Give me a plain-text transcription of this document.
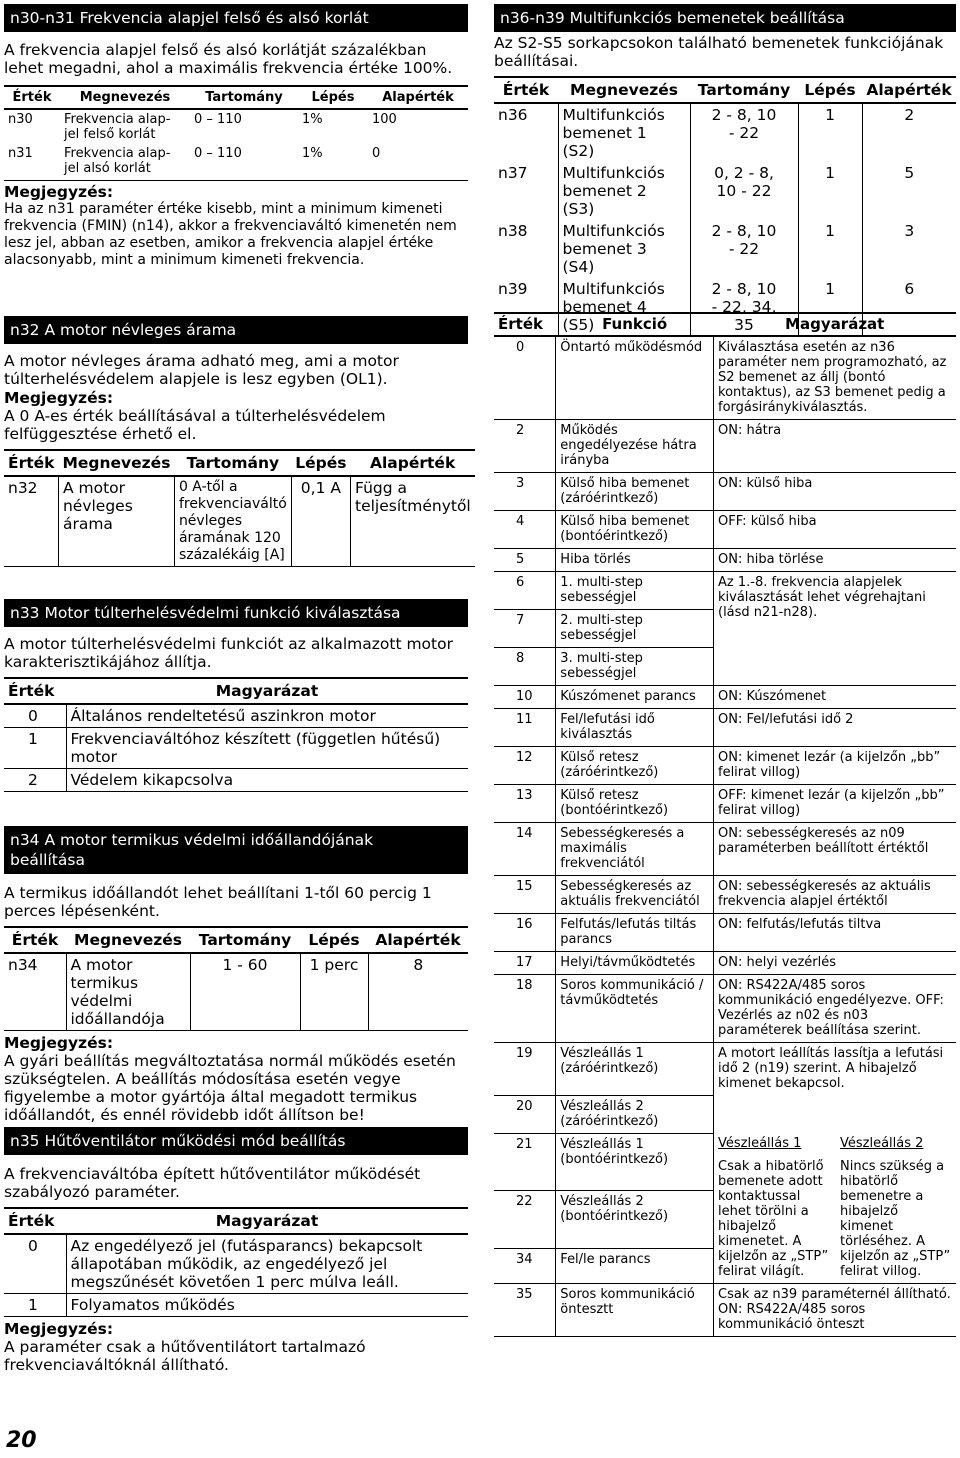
n30-n31 Frekvencia alapjel felső és alsó korlát
A frekvencia alapjel felső és alsó korlátját százalékban lehet megadni, ahol a maximális frekvencia értéke 100%.
Érték	Megnevezés	Tartomány	Lépés	Alapérték
n30	Frekvencia alap- jel felső korlát	0 – 110	1%	100
n31	Frekvencia alap- jel alsó korlát	0 – 110	1%	0
Megjegyzés:
Ha az n31 paraméter értéke kisebb, mint a minimum kimeneti frekvencia (FMIN) (n14), akkor a frekvenciaváltó kimenetén nem lesz jel, abban az esetben, amikor a frekvencia alapjel értéke alacsonyabb, mint a minimum kimeneti frekvencia.
n32 A motor névleges árama
A motor névleges árama adható meg, ami a motor túlterhelésvédelem alapjele is lesz egyben (OL1).
Megjegyzés:
A 0 A-es érték beállításával a túlterhelésvédelem felfüggesztése érhető el.
Érték	Megnevezés	Tartomány	Lépés	Alapérték
n32	A motor névleges árama	0 A-től a frekvenciaváltó névleges áramának 120 százalékáig [A]	0,1 A	Függ a teljesítménytől
n33 Motor túlterhelésvédelmi funkció kiválasztása
A motor túlterhelésvédelmi funkciót az alkalmazott motor karakterisztikájához állítja.
Érték	Magyarázat
0	Általános rendeltetésű aszinkron motor
1	Frekvenciaváltóhoz készített (független hűtésű) motor
2	Védelem kikapcsolva
n34 A motor termikus védelmi időállandójának beállítása
A termikus időállandót lehet beállítani 1-től 60 percig 1 perces lépésenként.
Érték	Megnevezés	Tartomány	Lépés	Alapérték
n34	A motor termikus védelmi időállandója	1 - 60	1 perc	8
Megjegyzés:
A gyári beállítás megváltoztatása normál működés esetén szükségtelen. A beállítás módosítása esetén vegye figyelembe a motor gyártója által megadott termikus időállandót, és ennél rövidebb időt állítson be!
n35 Hűtőventilátor működési mód beállítás
A frekvenciaváltóba épített hűtőventilátor működését szabályozó paraméter.
Érték	Magyarázat
0	Az engedélyező jel (futásparancs) bekapcsolt állapotában működik, az engedélyező jel megszűnését követően 1 perc múlva leáll.
1	Folyamatos működés
Megjegyzés:
A paraméter csak a hűtőventilátort tartalmazó frekvenciaváltóknál állítható.
n36-n39 Multifunkciós bemenetek beállítása
Az S2-S5 sorkapcsokon található bemenetek funkciójának beállításai.
Érték	Megnevezés	Tartomány	Lépés	Alapérték
n36	Multifunkciós bemenet 1 (S2)	2 - 8, 10 - 22	1	2
n37	Multifunkciós bemenet 2 (S3)	0, 2 - 8, 10 - 22	1	5
n38	Multifunkciós bemenet 3 (S4)	2 - 8, 10 - 22	1	3
n39	Multifunkciós bemenet 4 (S5)	2 - 8, 10 - 22, 34, 35	1	6
Érték	Funkció	Magyarázat
0	Öntartó működésmód	Kiválasztása esetén az n36 paraméter nem programozható, az S2 bemenet az állj (bontó kontaktus), az S3 bemenet pedig a forgásiránykiválasztás.
2	Működés engedélyezése hátra irányba	ON: hátra
3	Külső hiba bemenet (záróérintkező)	ON: külső hiba
4	Külső hiba bemenet (bontóérintkező)	OFF: külső hiba
5	Hiba törlés	ON: hiba törlése
6	1. multi-step sebességjel	Az 1.-8. frekvencia alapjelek kiválasztását lehet végrehajtani (lásd n21-n28).
7	2. multi-step sebességjel	
8	3. multi-step sebességjel	
10	Kúszómenet parancs	ON: Kúszómenet
11	Fel/lefutási idő kiválasztás	ON: Fel/lefutási idő 2
12	Külső retesz (záróérintkező)	ON: kimenet lezár (a kijelzőn „bb” felirat villog)
13	Külső retesz (bontóérintkező)	OFF: kimenet lezár (a kijelzőn „bb” felirat villog)
14	Sebességkeresés a maximális frekvenciától	ON: sebességkeresés az n09 paraméterben beállított értéktől
15	Sebességkeresés az aktuális frekvenciától	ON: sebességkeresés az aktuális frekvencia alapjel értéktől
16	Felfutás/lefutás tiltás parancs	ON: felfutás/lefutás tiltva
17	Helyi/távműködtetés	ON: helyi vezérlés
18	Soros kommunikáció / távműködtetés	ON: RS422A/485 soros kommunikáció engedélyezve. OFF: Vezérlés az n02 és n03 paraméterek beállítása szerint.
19	Vészleállás 1 (záróérintkező)	A motort leállítás lassítja a lefutási idő 2 (n19) szerint. A hibajelző kimenet bekapcsol.
20	Vészleállás 2 (záróérintkező)	
21	Vészleállás 1 (bontóérintkező)	Vészleállás 1
Csak a hibatörlő bemenete adott kontaktussal lehet törölni a hibajelző kimenetet. A kijelzőn az „STP” felirat világít.
Vészleállás 2
Nincs szükség a hibatörlő bemenetre a hibajelző kimenet törléséhez. A kijelzőn az „STP” felirat villog.

22	Vészleállás 2 (bontóérintkező)	
34	Fel/le parancs	
35	Soros kommunikáció öntesztt	Csak az n39 paraméternél állítható. ON: RS422A/485 soros kommunikáció önteszt
20
